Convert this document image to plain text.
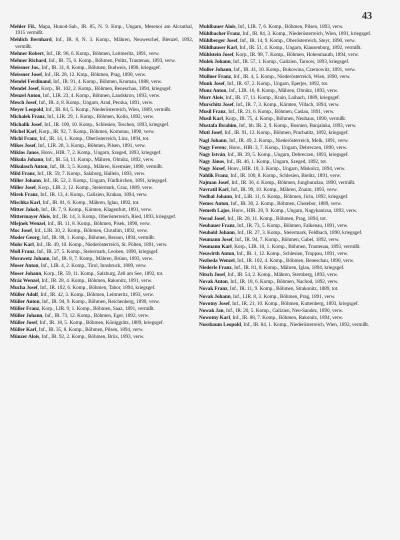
43

Mehler Fil., Mapa, Hunod-Sab., IR. 85, N. 9. Kmp., Ungarn, Mesenoi am Alcsuthal, 1915 vermißt.

Mehlich Bernhard, Inf., IR. 8, N. 3. Komp., Mähren, Neuweschel, Blenzel, 1892, vermißt.

Mehner Robert, Inf., IR. 98, 6. Komp., Böhmen, Leitmeritz, 1891, verw.

Mehner Richard, Inf., IR. 75, 6. Komp., Böhmen, Politz, Trautenau, 1893, verw.

Meissner Jos., Inf., IR. 31, 8. Komp., Böhmen, Budweis, 1890, kriegsgef.

Meissner Josef, Inf., IR. 28, 12. Kmp., Böhmen, Prag, 1890, verw.

Mendel Ferdinand, Inf., IR. 91, 4. Komp., Böhmen, Krumau, 1888, verw.

Mendel Josef, Korp., IR. 102, 2. Komp., Böhmen, Beneschau, 1894, kriegsgef.

Menzel Anton, Inf., LIR. 23, 4. Komp., Böhmen, Landskron, 1893, verw.

Mesch Josef, Inf., IR. 4, 8. Komp., Ungarn, Arad, Pecska, 1891, verw.

Meyer Leopold, Inf., IR. 84, 5. Komp., Niederösterreich, Wien, 1889, vermißt.

Michalek Franz, Inf., LIR. 29, 1. Komp., Böhmen, Kolin, 1892, verw.

Michalik Josef, Inf., IR. 100, 10. Komp., Schlesien, Teschen, 1893, kriegsgef.

Michel Karl, Korp., IR. 92, 7. Komp., Böhmen, Komotau, 1890, verw.

Michl Franz, Inf., IR. 14, 1. Komp., Oberösterreich, Linz, 1894, tot.

Mikes Josef, Inf., LIR. 28, 3. Komp., Böhmen, Pilsen, 1891, verw.

Miklos Janos, Honv., HIR. 7, 2. Komp., Ungarn, Szeged, 1893, kriegsgef.

Mikula Johann, Inf., IR. 54, 11. Komp., Mähren, Olmütz, 1892, verw.

Mikulasch Anton, Inf., IR. 3, 5. Komp., Mähren, Kremsier, 1890, vermißt.

Mild Franz, Inf., IR. 59, 7. Komp., Salzburg, Hallein, 1893, verw.

Miller Johann, Inf., IR. 52, 2. Komp., Ungarn, Fünfkirchen, 1891, kriegsgef.

Miller Josef, Korp., LIR. 2, 12. Komp., Steiermark, Graz, 1889, verw.

Mirek Franz, Inf., IR. 13, 4. Komp., Galizien, Krakau, 1894, verw.

Mischka Karl, Inf., IR. 81, 6. Komp., Mähren, Iglau, 1892, tot.

Mitter Jakob, Inf., IR. 7, 9. Komp., Kärnten, Klagenfurt, 1891, verw.

Mittermayer Alois, Inf., IR. 14, 3. Komp., Oberösterreich, Ried, 1893, kriegsgef.

Mlejnek Wenzel, Inf., IR. 11, 8. Komp., Böhmen, Pisek, 1890, verw.

Moc Josef, Inf., LIR. 30, 2. Komp., Böhmen, Chrudim, 1892, verw.

Moder Georg, Inf., IR. 88, 1. Komp., Böhmen, Beraun, 1894, vermißt.

Mohr Karl, Inf., IR. 49, 10. Komp., Niederösterreich, St. Pölten, 1891, verw.

Moll Franz, Inf., IR. 27, 5. Komp., Steiermark, Leoben, 1890, kriegsgef.

Morawetz Johann, Inf., IR. 8, 7. Komp., Mähren, Brünn, 1893, verw.

Moser Anton, Inf., LIR. 4, 2. Komp., Tirol, Innsbruck, 1889, verw.

Moser Johann, Korp., IR. 59, 11. Komp., Salzburg, Zell am See, 1892, tot.

Mráz Wenzel, Inf., IR. 28, 4. Komp., Böhmen, Rakonitz, 1891, verw.

Mucha Josef, Inf., IR. 102, 6. Komp., Böhmen, Tabor, 1894, kriegsgef.

Müller Adolf, Inf., IR. 42, 3. Komp., Böhmen, Leitmeritz, 1893, verw.

Müller Anton, Inf., IR. 94, 9. Komp., Böhmen, Reichenberg, 1890, verw.

Müller Franz, Korp., LIR. 9, 1. Komp., Böhmen, Saaz, 1891, vermißt.

Müller Johann, Inf., IR. 73, 12. Komp., Böhmen, Eger, 1892, verw.

Müller Josef, Inf., IR. 18, 5. Komp., Böhmen, Königgrätz, 1889, kriegsgef.

Müller Karl, Inf., IR. 35, 8. Komp., Böhmen, Pilsen, 1894, verw.

Münzer Alois, Inf., IR. 92, 2. Komp., Böhmen, Brüx, 1893, verw.

Muhlbauer Alois, Inf., LIR. 7, 6. Komp., Böhmen, Pilsen, 1893, verw.

Mühlbacher Franz, Inf., IR. 84, 3. Komp., Niederösterreich, Wien, 1891, kriegsgef.

Mühlberger Josef, Inf., IR. 14, 9. Komp., Oberösterreich, Steyr, 1890, verw.

Mühlhauser Karl, Inf., IR. 51, 4. Komp., Ungarn, Klausenburg, 1892, vermißt.

Mühlstein Josef, Korp., IR. 98, 7. Komp., Böhmen, Hohenmauth, 1894, verw.

Mulek Johann, Inf., IR. 57, 1. Komp., Galizien, Tarnow, 1893, kriegsgef.

Muller Johann, Inf., IR. 41, 10. Komp., Bukowina, Czernowitz, 1891, verw.

Mullner Franz, Inf., IR. 4, 5. Komp., Niederösterreich, Wien, 1890, verw.

Munk Josef, Inf., IR. 67, 2. Komp., Ungarn, Eperjes, 1892, tot.

Munz Anton, Inf., LIR. 16, 8. Komp., Mähren, Olmütz, 1893, verw.

Murr Alois, Inf., IR. 17, 11. Komp., Krain, Laibach, 1889, kriegsgef.

Murschitz Josef, Inf., IR. 7, 3. Komp., Kärnten, Villach, 1894, verw.

Musil Franz, Inf., IR. 21, 6. Komp., Böhmen, Caslau, 1891, verw.

Musil Karl, Korp., IR. 75, 4. Komp., Böhmen, Neuhaus, 1890, vermißt.

Mustafa Ibrahim, Inf., bh. IR. 2, 9. Komp., Bosnien, Banjaluka, 1893, verw.

Mutl Josef, Inf., IR. 91, 12. Komp., Böhmen, Prachatitz, 1892, kriegsgef.

Nagl Johann, Inf., IR. 49, 2. Komp., Niederösterreich, Melk, 1891, verw.

Nagy Ferenc, Honv., HIR. 3, 7. Komp., Ungarn, Debreczen, 1890, verw.

Nagy István, Inf., IR. 39, 5. Komp., Ungarn, Debreczen, 1893, kriegsgef.

Nagy János, Inf., IR. 46, 1. Komp., Ungarn, Szeged, 1892, tot.

Nagy József, Honv., HIR. 10, 3. Komp., Ungarn, Miskolcz, 1894, verw.

Nahlik Franz, Inf., IR. 100, 8. Komp., Schlesien, Bielitz, 1891, verw.

Najman Josef, Inf., IR. 36, 4. Komp., Böhmen, Jungbunzlau, 1890, vermißt.

Navratil Karl, Inf., IR. 99, 10. Komp., Mähren, Znaim, 1893, verw.

Nedbal Johann, Inf., LIR. 11, 6. Komp., Böhmen, Jicin, 1892, kriegsgef.

Nemec Anton, Inf., IR. 30, 2. Komp., Böhmen, Chotebor, 1889, verw.

Nemeth Lajos, Honv., HIR. 20, 9. Komp., Ungarn, Nagykanizsa, 1893, verw.

Nerad Josef, Inf., IR. 28, 11. Komp., Böhmen, Prag, 1894, tot.

Neubauer Franz, Inf., IR. 73, 5. Komp., Böhmen, Falkenau, 1891, verw.

Neuhold Johann, Inf., IR. 27, 3. Komp., Steiermark, Feldbach, 1890, kriegsgef.

Neumann Josef, Inf., IR. 94, 7. Komp., Böhmen, Gabel, 1892, verw.

Neumann Karl, Korp., LIR. 10, 1. Komp., Böhmen, Trautenau, 1893, vermißt.

Neuwirth Anton, Inf., IR. 1, 12. Komp., Schlesien, Troppau, 1891, verw.

Nezbeda Wenzel, Inf., IR. 102, 4. Komp., Böhmen, Beneschau, 1890, verw.

Niederle Franz, Inf., IR. 81, 8. Komp., Mähren, Iglau, 1894, kriegsgef.

Nitsch Josef, Inf., IR. 54, 2. Komp., Mähren, Sternberg, 1893, verw.

Novak Anton, Inf., IR. 18, 6. Komp., Böhmen, Nachod, 1892, verw.

Novak Franz, Inf., IR. 11, 9. Komp., Böhmen, Strakonitz, 1889, tot.

Novak Johann, Inf., LIR. 8, 3. Komp., Böhmen, Prag, 1891, verw.

Novotny Josef, Inf., IR. 21, 10. Komp., Böhmen, Kuttenberg, 1893, kriegsgef.

Nowak Jan, Inf., IR. 20, 5. Komp., Galizien, Neu-Sandez, 1890, verw.

Nowotny Karl, Inf., IR. 88, 7. Komp., Böhmen, Rakonitz, 1894, verw.

Nussbaum Leopold, Inf., IR. 84, 1. Komp., Niederösterreich, Wien, 1892, vermißt.
